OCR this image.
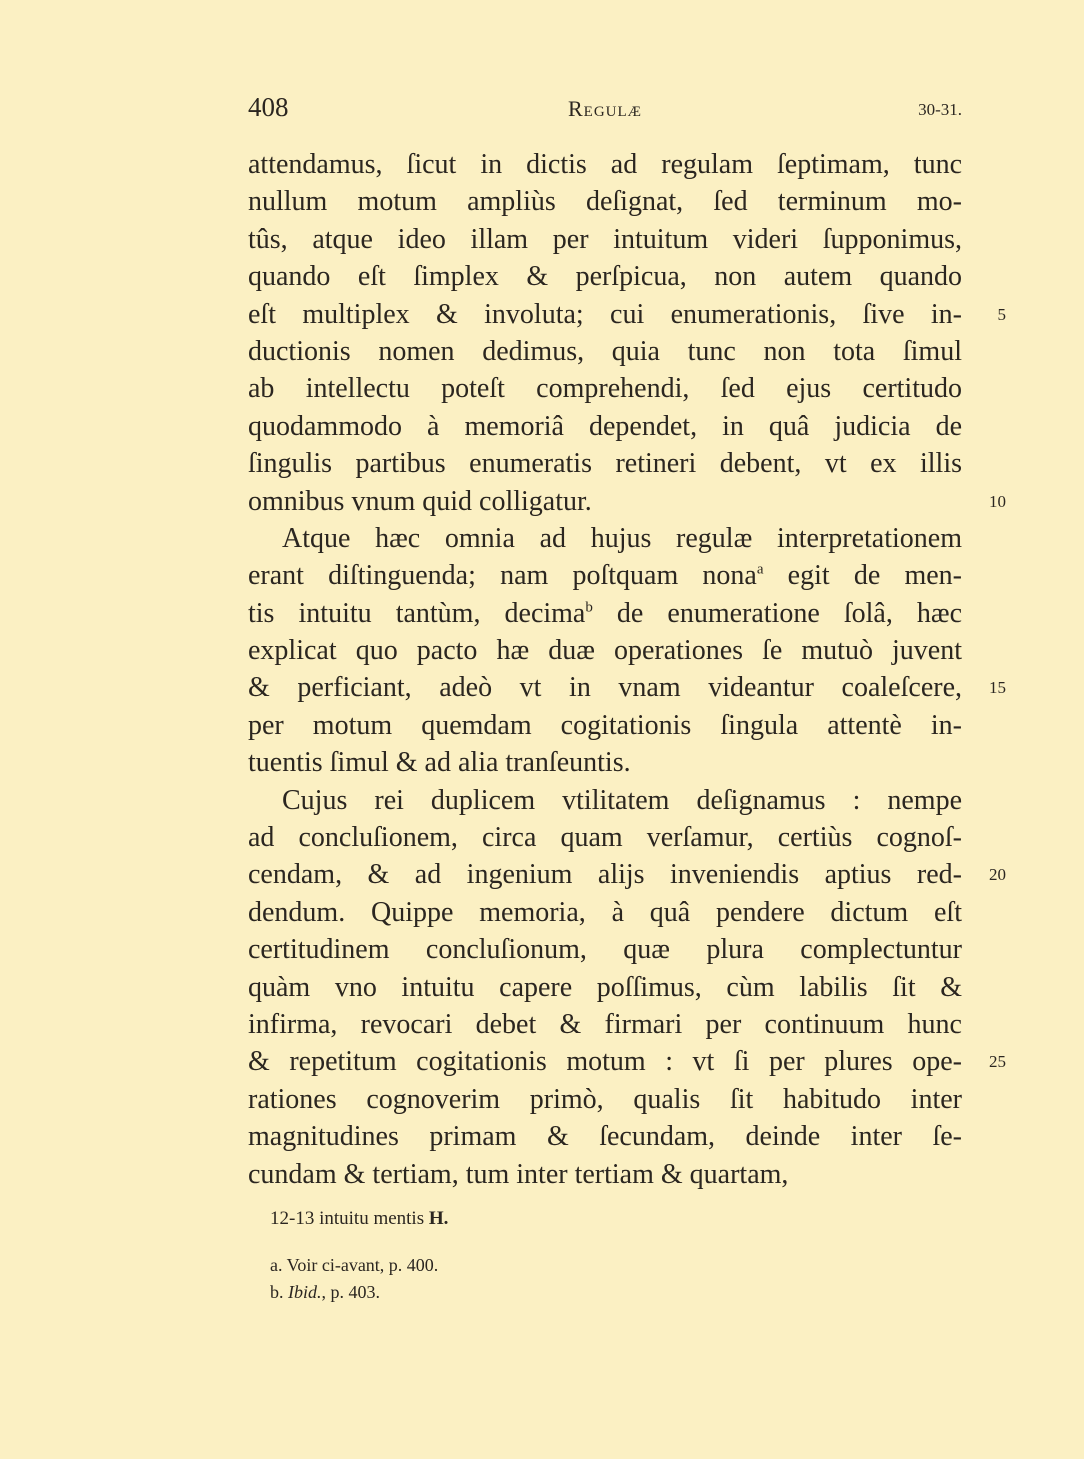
408	Regulæ	30-31.
attendamus, ſicut in dictis ad regulam ſeptimam, tunc
nullum motum ampliùs deſignat, ſed terminum mo-
tûs, atque ideo illam per intuitum videri ſupponimus,
quando eſt ſimplex & perſpicua, non autem quando
eſt multiplex & involuta; cui enumerationis, ſive in- 5
ductionis nomen dedimus, quia tunc non tota ſimul
ab intellectu poteſt comprehendi, ſed ejus certitudo
quodammodo à memoriâ dependet, in quâ judicia de
ſingulis partibus enumeratis retineri debent, vt ex illis
omnibus vnum quid colligatur.	10
Atque hæc omnia ad hujus regulæ interpretationem
erant diſtinguenda; nam poſtquam nona$^a$ egit de men-
tis intuitu tantùm, decima$^b$ de enumeratione ſolâ, hæc
explicat quo pacto hæ duæ operationes ſe mutuò juvent
& perficiant, adeò vt in vnam videantur coaleſcere, 15
per motum quemdam cogitationis ſingula attentè in-
tuentis ſimul & ad alia tranſeuntis.
Cujus rei duplicem vtilitatem deſignamus : nempe
ad concluſionem, circa quam verſamur, certiùs cognoſ-
cendam, & ad ingenium alijs inveniendis aptius red- 20
dendum. Quippe memoria, à quâ pendere dictum eſt
certitudinem concluſionum, quæ plura complectuntur
quàm vno intuitu capere poſſimus, cùm labilis ſit &
infirma, revocari debet & firmari per continuum hunc
& repetitum cogitationis motum : vt ſi per plures ope- 25
rationes cognoverim primò, qualis ſit habitudo inter
magnitudines primam & ſecundam, deinde inter ſe-
cundam & tertiam, tum inter tertiam & quartam,
12-13 intuitu mentis H.
a. Voir ci-avant, p. 400.
b. Ibid., p. 403.
